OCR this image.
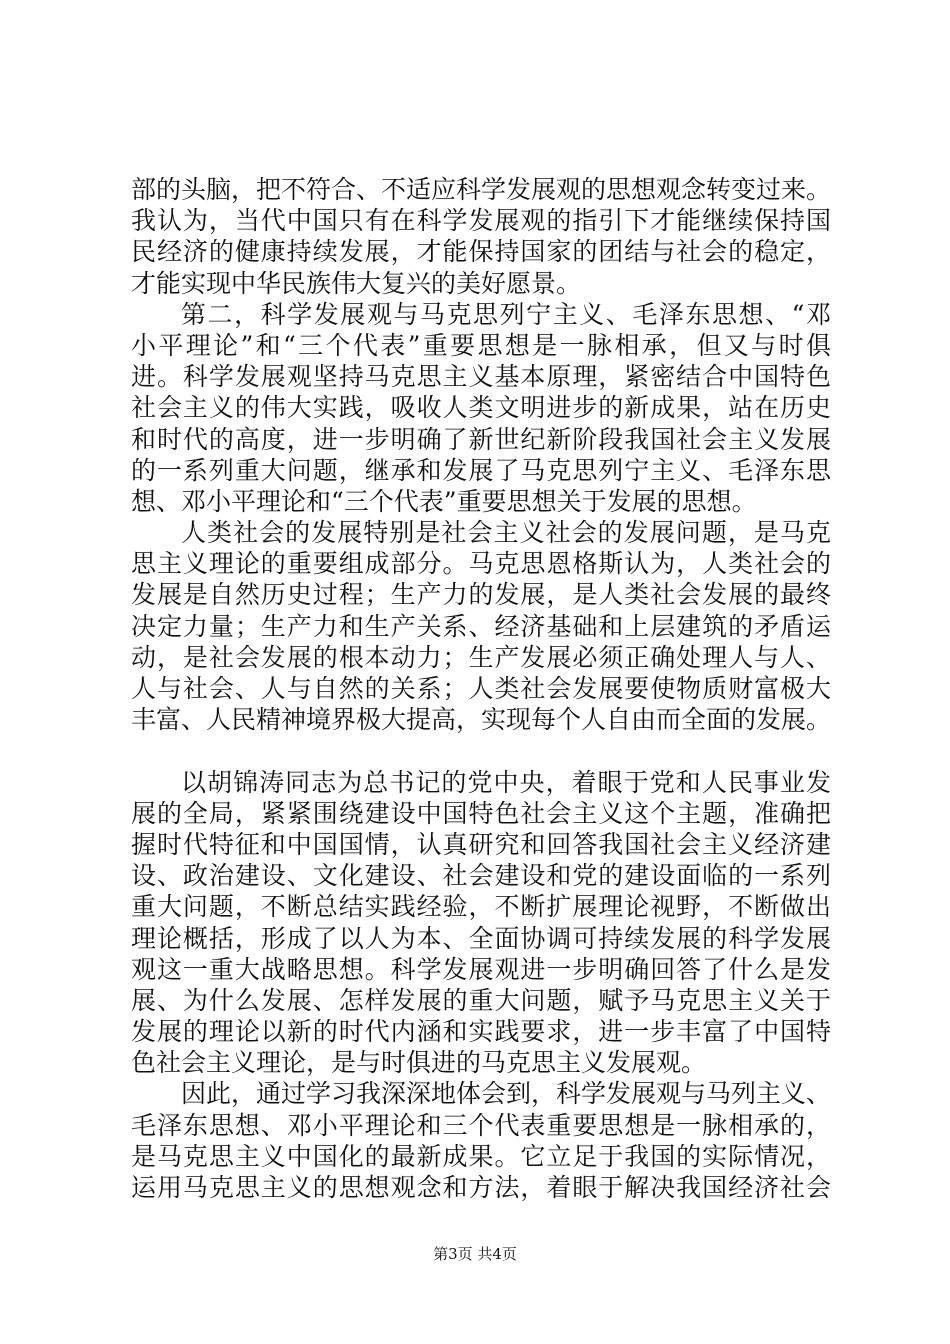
部的头脑，把不符合、不适应科学发展观的思想观念转变过来。
我认为，当代中国只有在科学发展观的指引下才能继续保持国
民经济的健康持续发展，才能保持国家的团结与社会的稳定，
才能实现中华民族伟大复兴的美好愿景。
第二，科学发展观与马克思列宁主义、毛泽东思想、“邓
小平理论”和“三个代表”重要思想是一脉相承，但又与时俱
进。科学发展观坚持马克思主义基本原理，紧密结合中国特色
社会主义的伟大实践，吸收人类文明进步的新成果，站在历史
和时代的高度，进一步明确了新世纪新阶段我国社会主义发展
的一系列重大问题，继承和发展了马克思列宁主义、毛泽东思
想、邓小平理论和“三个代表”重要思想关于发展的思想。
人类社会的发展特别是社会主义社会的发展问题，是马克
思主义理论的重要组成部分。马克思恩格斯认为，人类社会的
发展是自然历史过程；生产力的发展，是人类社会发展的最终
决定力量；生产力和生产关系、经济基础和上层建筑的矛盾运
动，是社会发展的根本动力；生产发展必须正确处理人与人、
人与社会、人与自然的关系；人类社会发展要使物质财富极大
丰富、人民精神境界极大提高，实现每个人自由而全面的发展。
以胡锦涛同志为总书记的党中央，着眼于党和人民事业发
展的全局，紧紧围绕建设中国特色社会主义这个主题，准确把
握时代特征和中国国情，认真研究和回答我国社会主义经济建
设、政治建设、文化建设、社会建设和党的建设面临的一系列
重大问题，不断总结实践经验，不断扩展理论视野，不断做出
理论概括，形成了以人为本、全面协调可持续发展的科学发展
观这一重大战略思想。科学发展观进一步明确回答了什么是发
展、为什么发展、怎样发展的重大问题，赋予马克思主义关于
发展的理论以新的时代内涵和实践要求，进一步丰富了中国特
色社会主义理论，是与时俱进的马克思主义发展观。
因此，通过学习我深深地体会到，科学发展观与马列主义、
毛泽东思想、邓小平理论和三个代表重要思想是一脉相承的，
是马克思主义中国化的最新成果。它立足于我国的实际情况，
运用马克思主义的思想观念和方法，着眼于解决我国经济社会
第3页 共4页
